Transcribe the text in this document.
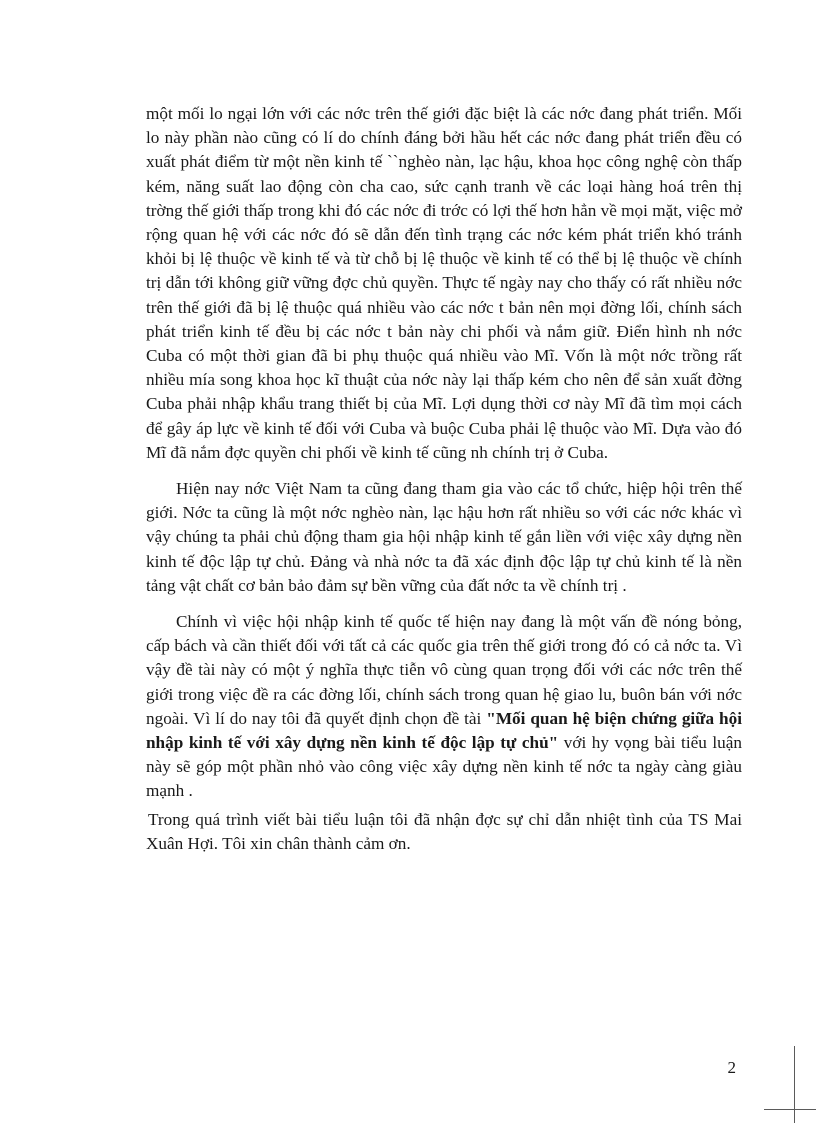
một mối lo ngại lớn với các nớc trên thế giới đặc biệt là các nớc đang phát triển. Mối lo này phần nào cũng có lí do chính đáng bởi hầu hết các nớc đang phát triển đều có xuất phát điểm từ một nền kinh tế ``nghèo nàn, lạc hậu, khoa học công nghệ còn thấp kém, năng suất lao động còn cha cao, sức cạnh tranh về các loại hàng hoá trên thị trờng thế giới thấp trong khi đó các nớc đi trớc có lợi thế hơn hẳn về mọi mặt, việc mở rộng quan hệ với các nớc đó sẽ dẫn đến tình trạng các nớc kém phát triển khó tránh khỏi bị lệ thuộc về kinh tế và từ chỗ bị lệ thuộc về kinh tế có thể bị lệ thuộc về chính trị dẫn tới không giữ vững đợc chủ quyền. Thực tế ngày nay cho thấy có rất nhiều nớc trên thế giới đã bị lệ thuộc quá nhiều vào các nớc t bản nên mọi đờng lối, chính sách phát triển kinh tế đều bị các nớc t bản này chi phối và nắm giữ. Điển hình nh nớc Cuba có một thời gian đã bi phụ thuộc quá nhiều vào Mĩ. Vốn là một nớc trồng rất nhiều mía song khoa học kĩ thuật của nớc này lại thấp kém cho nên để sản xuất đờng Cuba phải nhập khẩu trang thiết bị của Mĩ. Lợi dụng thời cơ này Mĩ đã tìm mọi cách để gây áp lực về kinh tế đối với Cuba và buộc Cuba phải lệ thuộc vào Mĩ. Dựa vào đó Mĩ đã nắm đợc quyền chi phối về kinh tế cũng nh chính trị ở Cuba.

Hiện nay nớc Việt Nam ta cũng đang tham gia vào các tổ chức, hiệp hội trên thế giới. Nớc ta cũng là một nớc nghèo nàn, lạc hậu hơn rất nhiều so với các nớc khác vì vậy chúng ta phải chủ động tham gia hội nhập kinh tế gắn liền với việc xây dựng nền kinh tế độc lập tự chủ. Đảng và nhà nớc ta đã xác định độc lập tự chủ kinh tế là nền tảng vật chất cơ bản bảo đảm sự bền vững của đất nớc ta về chính trị .

Chính vì việc hội nhập kinh tế quốc tế hiện nay đang là một vấn đề nóng bỏng, cấp bách và cần thiết đối với tất cả các quốc gia trên thế giới trong đó có cả nớc ta. Vì vậy đề tài này có một ý nghĩa thực tiễn vô cùng quan trọng đối với các nớc trên thế giới trong việc đề ra các đờng lối, chính sách trong quan hệ giao lu, buôn bán với nớc ngoài. Vì lí do nay tôi đã quyết định chọn đề tài "Mối quan hệ biện chứng giữa hội nhập kinh tế với xây dựng nền kinh tế độc lập tự chủ" với hy vọng bài tiểu luận này sẽ góp một phần nhỏ vào công việc xây dựng nền kinh tế nớc ta ngày càng giàu mạnh .

Trong quá trình viết bài tiểu luận tôi đã nhận đợc sự chỉ dẫn nhiệt tình của TS Mai Xuân Hợi. Tôi xin chân thành cảm ơn.

2
